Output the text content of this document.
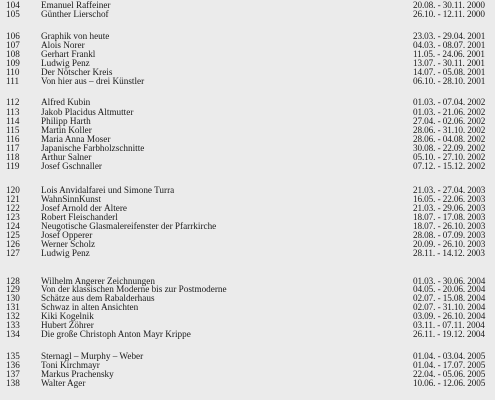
104	Emanuel Raffeiner	20.08. - 30.11. 2000
105	Günther Lierschof	26.10. - 12.11. 2000
106	Graphik von heute	23.03. - 29.04. 2001
107	Alois Norer	04.03. - 08.07. 2001
108	Gerhart Frankl	11.05. - 24.06. 2001
109	Ludwig Penz	13.07. - 30.11. 2001
110	Der Nötscher Kreis	14.07. - 05.08. 2001
111	Von hier aus – drei Künstler	06.10. - 28.10. 2001
112	Alfred Kubin	01.03. - 07.04. 2002
113	Jakob Placidus Altmutter	01.03. - 21.06. 2002
114	Philipp Harth	27.04. - 02.06. 2002
115	Martin Koller	28.06. - 31.10. 2002
116	Maria Anna Moser	28.06. - 04.08. 2002
117	Japanische Farbholzschnitte	30.08. - 22.09. 2002
118	Arthur Salner	05.10. - 27.10. 2002
119	Josef Gschnaller	07.12. - 15.12. 2002
120	Lois Anvidalfarei und Simone Turra	21.03. - 27.04. 2003
121	WahnSinnKunst	16.05. - 22.06. 2003
122	Josef Arnold der Ältere	21.03. - 29.06. 2003
123	Robert Fleischanderl	18.07. - 17.08. 2003
124	Neugotische Glasmalereifenster der Pfarrkirche	18.07. - 26.10. 2003
125	Josef Opperer	28.08. - 07.09. 2003
126	Werner Scholz	20.09. - 26.10. 2003
127	Ludwig Penz	28.11. - 14.12. 2003
128	Wilhelm Angerer Zeichnungen	01.03. - 30.06. 2004
129	Von der klassischen Moderne bis zur Postmoderne	04.05. - 20.06. 2004
130	Schätze aus dem Rabalderhaus	02.07. - 15.08. 2004
131	Schwaz in alten Ansichten	02.07. - 31.10. 2004
132	Kiki Kogelnik	03.09. - 26.10. 2004
133	Hubert Zöhrer	03.11. - 07.11. 2004
134	Die große Christoph Anton Mayr Krippe	26.11. - 19.12. 2004
135	Sternagl – Murphy – Weber	01.04. - 03.04. 2005
136	Toni Kirchmayr	01.04. - 17.07. 2005
137	Markus Prachensky	22.04. - 05.06. 2005
138	Walter Ager	10.06. - 12.06. 2005
